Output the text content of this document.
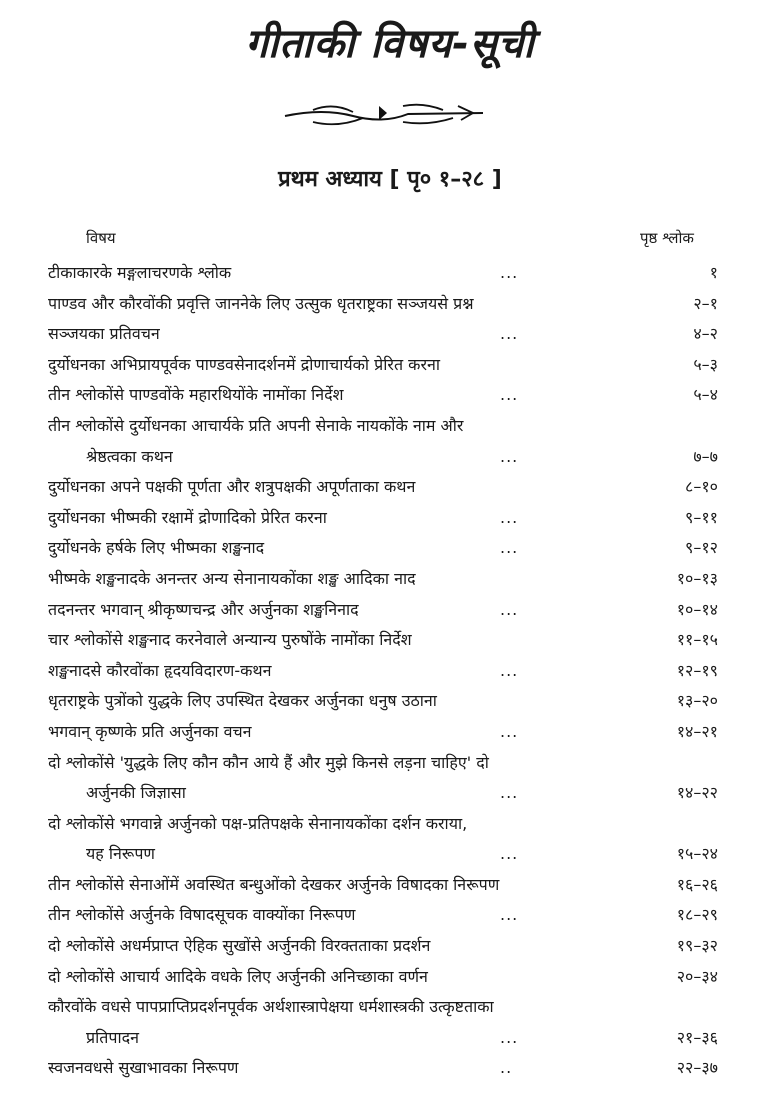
गीताकी विषय-सूची
प्रथम अध्याय [ पृ० १–२८ ]
विषय	पृष्ठ श्लोक
टीकाकारके मङ्गलाचरणके श्लोक	...	१
पाण्डव और कौरवोंकी प्रवृत्ति जाननेके लिए उत्सुक धृतराष्ट्रका सञ्जयसे प्रश्न	२–१
सञ्जयका प्रतिवचन	...	४–२
दुर्योधनका अभिप्रायपूर्वक पाण्डवसेनादर्शनमें द्रोणाचार्यको प्रेरित करना	५–३
तीन श्लोकोंसे पाण्डवोंके महारथियोंके नामोंका निर्देश	...	५–४
तीन श्लोकोंसे दुर्योधनका आचार्यके प्रति अपनी सेनाके नायकोंके नाम और
श्रेष्ठत्वका कथन	...	७–७
दुर्योधनका अपने पक्षकी पूर्णता और शत्रुपक्षकी अपूर्णताका कथन	८–१०
दुर्योधनका भीष्मकी रक्षामें द्रोणादिको प्रेरित करना	...	९–११
दुर्योधनके हर्षके लिए भीष्मका शङ्खनाद	...	९–१२
भीष्मके शङ्खनादके अनन्तर अन्य सेनानायकोंका शङ्ख आदिका नाद	१०–१३
तदनन्तर भगवान् श्रीकृष्णचन्द्र और अर्जुनका शङ्खनिनाद	...	१०–१४
चार श्लोकोंसे शङ्खनाद करनेवाले अन्यान्य पुरुषोंके नामोंका निर्देश	११–१५
शङ्खनादसे कौरवोंका हृदयविदारण-कथन	...	१२–१९
धृतराष्ट्रके पुत्रोंको युद्धके लिए उपस्थित देखकर अर्जुनका धनुष उठाना	१३–२०
भगवान् कृष्णके प्रति अर्जुनका वचन	...	१४–२१
दो श्लोकोंसे 'युद्धके लिए कौन कौन आये हैं और मुझे किनसे लड़ना चाहिए' दो
अर्जुनकी जिज्ञासा	...	१४–२२
दो श्लोकोंसे भगवान्ने अर्जुनको पक्ष-प्रतिपक्षके सेनानायकोंका दर्शन कराया,
यह निरूपण	...	१५–२४
तीन श्लोकोंसे सेनाओंमें अवस्थित बन्धुओंको देखकर अर्जुनके विषादका निरूपण	१६–२६
तीन श्लोकोंसे अर्जुनके विषादसूचक वाक्योंका निरूपण	...	१८–२९
दो श्लोकोंसे अधर्मप्राप्त ऐहिक सुखोंसे अर्जुनकी विरक्तताका प्रदर्शन	१९–३२
दो श्लोकोंसे आचार्य आदिके वधके लिए अर्जुनकी अनिच्छाका वर्णन	२०–३४
कौरवोंके वधसे पापप्राप्तिप्रदर्शनपूर्वक अर्थशास्त्रापेक्षया धर्मशास्त्रकी उत्कृष्टताका
प्रतिपादन	...	२१–३६
स्वजनवधसे सुखाभावका निरूपण	..	२२–३७
